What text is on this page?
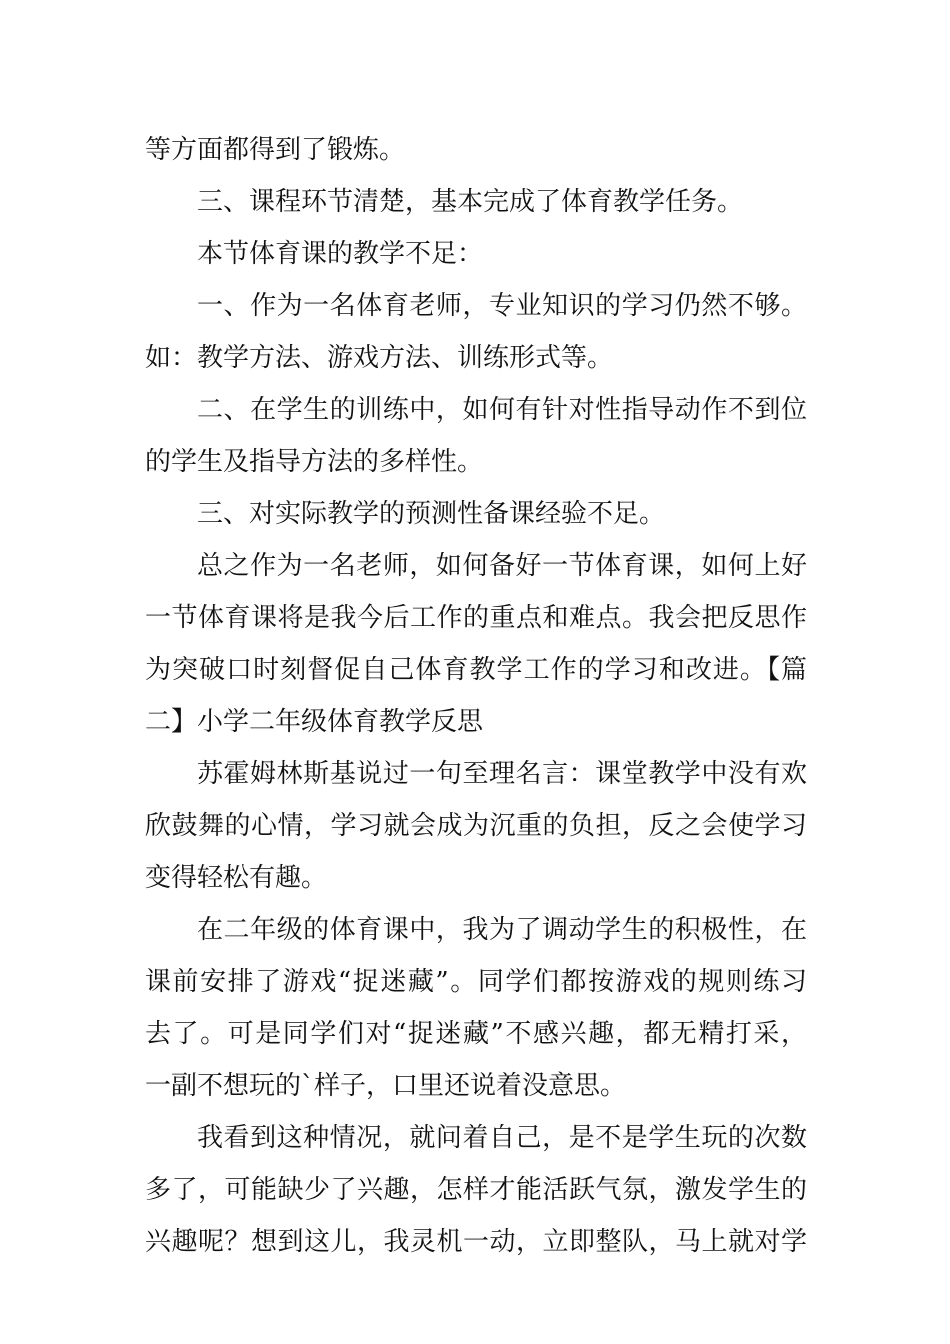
等方面都得到了锻炼。
三、课程环节清楚，基本完成了体育教学任务。
本节体育课的教学不足：
一、作为一名体育老师，专业知识的学习仍然不够。
如：教学方法、游戏方法、训练形式等。
二、在学生的训练中，如何有针对性指导动作不到位
的学生及指导方法的多样性。
三、对实际教学的预测性备课经验不足。
总之作为一名老师，如何备好一节体育课，如何上好
一节体育课将是我今后工作的重点和难点。我会把反思作
为突破口时刻督促自己体育教学工作的学习和改进。【篇
二】小学二年级体育教学反思
苏霍姆林斯基说过一句至理名言：课堂教学中没有欢
欣鼓舞的心情，学习就会成为沉重的负担，反之会使学习
变得轻松有趣。
在二年级的体育课中，我为了调动学生的积极性，在
课前安排了游戏“捉迷藏”。同学们都按游戏的规则练习
去了。可是同学们对“捉迷藏”不感兴趣，都无精打采，
一副不想玩的`样子，口里还说着没意思。
我看到这种情况，就问着自己，是不是学生玩的次数
多了，可能缺少了兴趣，怎样才能活跃气氛，激发学生的
兴趣呢？想到这儿，我灵机一动，立即整队，马上就对学
